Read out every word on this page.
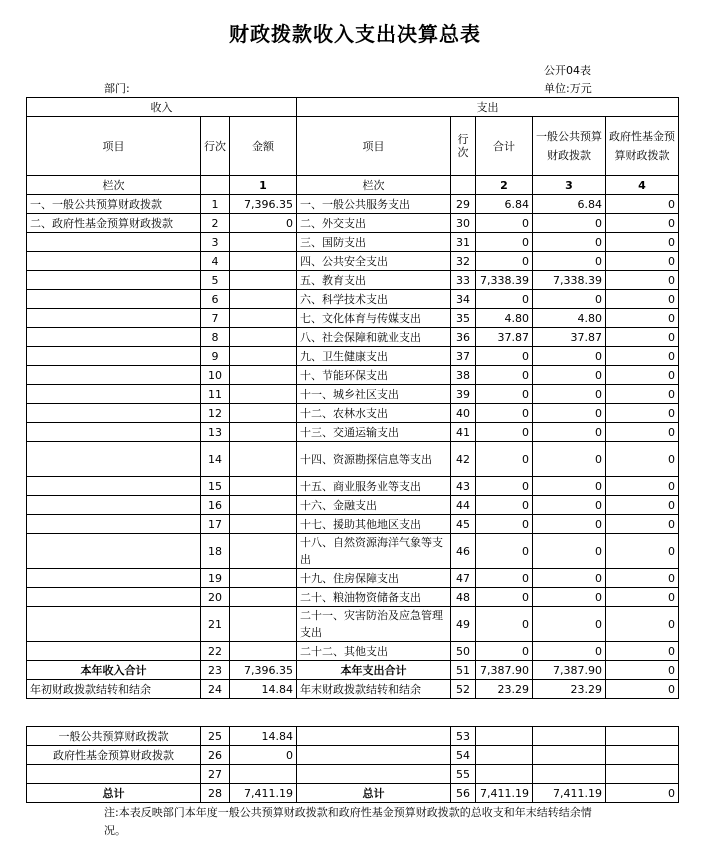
财政拨款收入支出决算总表
公开04表
部门:	单位:万元
收入			支出				
项目	行次	金额	项目	行次	合计	一般公共预算财政拨款	政府性基金预算财政拨款
栏次		1	栏次		2	3	4
一、一般公共预算财政拨款	1	7,396.35	一、一般公共服务支出	29	6.84	6.84	0
二、政府性基金预算财政拨款	2	0	二、外交支出	30	0	0	0
	3		三、国防支出	31	0	0	0
	4		四、公共安全支出	32	0	0	0
	5		五、教育支出	33	7,338.39	7,338.39	0
	6		六、科学技术支出	34	0	0	0
	7		七、文化体育与传媒支出	35	4.80	4.80	0
	8		八、社会保障和就业支出	36	37.87	37.87	0
	9		九、卫生健康支出	37	0	0	0
	10		十、节能环保支出	38	0	0	0
	11		十一、城乡社区支出	39	0	0	0
	12		十二、农林水支出	40	0	0	0
	13		十三、交通运输支出	41	0	0	0
	14		十四、资源勘探信息等支出	42	0	0	0
	15		十五、商业服务业等支出	43	0	0	0
	16		十六、金融支出	44	0	0	0
	17		十七、援助其他地区支出	45	0	0	0
	18		十八、自然资源海洋气象等支出	46	0	0	0
	19		十九、住房保障支出	47	0	0	0
	20		二十、粮油物资储备支出	48	0	0	0
	21		二十一、灾害防治及应急管理支出	49	0	0	0
	22		二十二、其他支出	50	0	0	0
本年收入合计	23	7,396.35	本年支出合计	51	7,387.90	7,387.90	0
年初财政拨款结转和结余	24	14.84	年末财政拨款结转和结余	52	23.29	23.29	0
一般公共预算财政拨款	25	14.84		53			
政府性基金预算财政拨款	26	0		54			
	27			55			
总计	28	7,411.19	总计	56	7,411.19	7,411.19	0
注:本表反映部门本年度一般公共预算财政拨款和政府性基金预算财政拨款的总收支和年末结转结余情况。
